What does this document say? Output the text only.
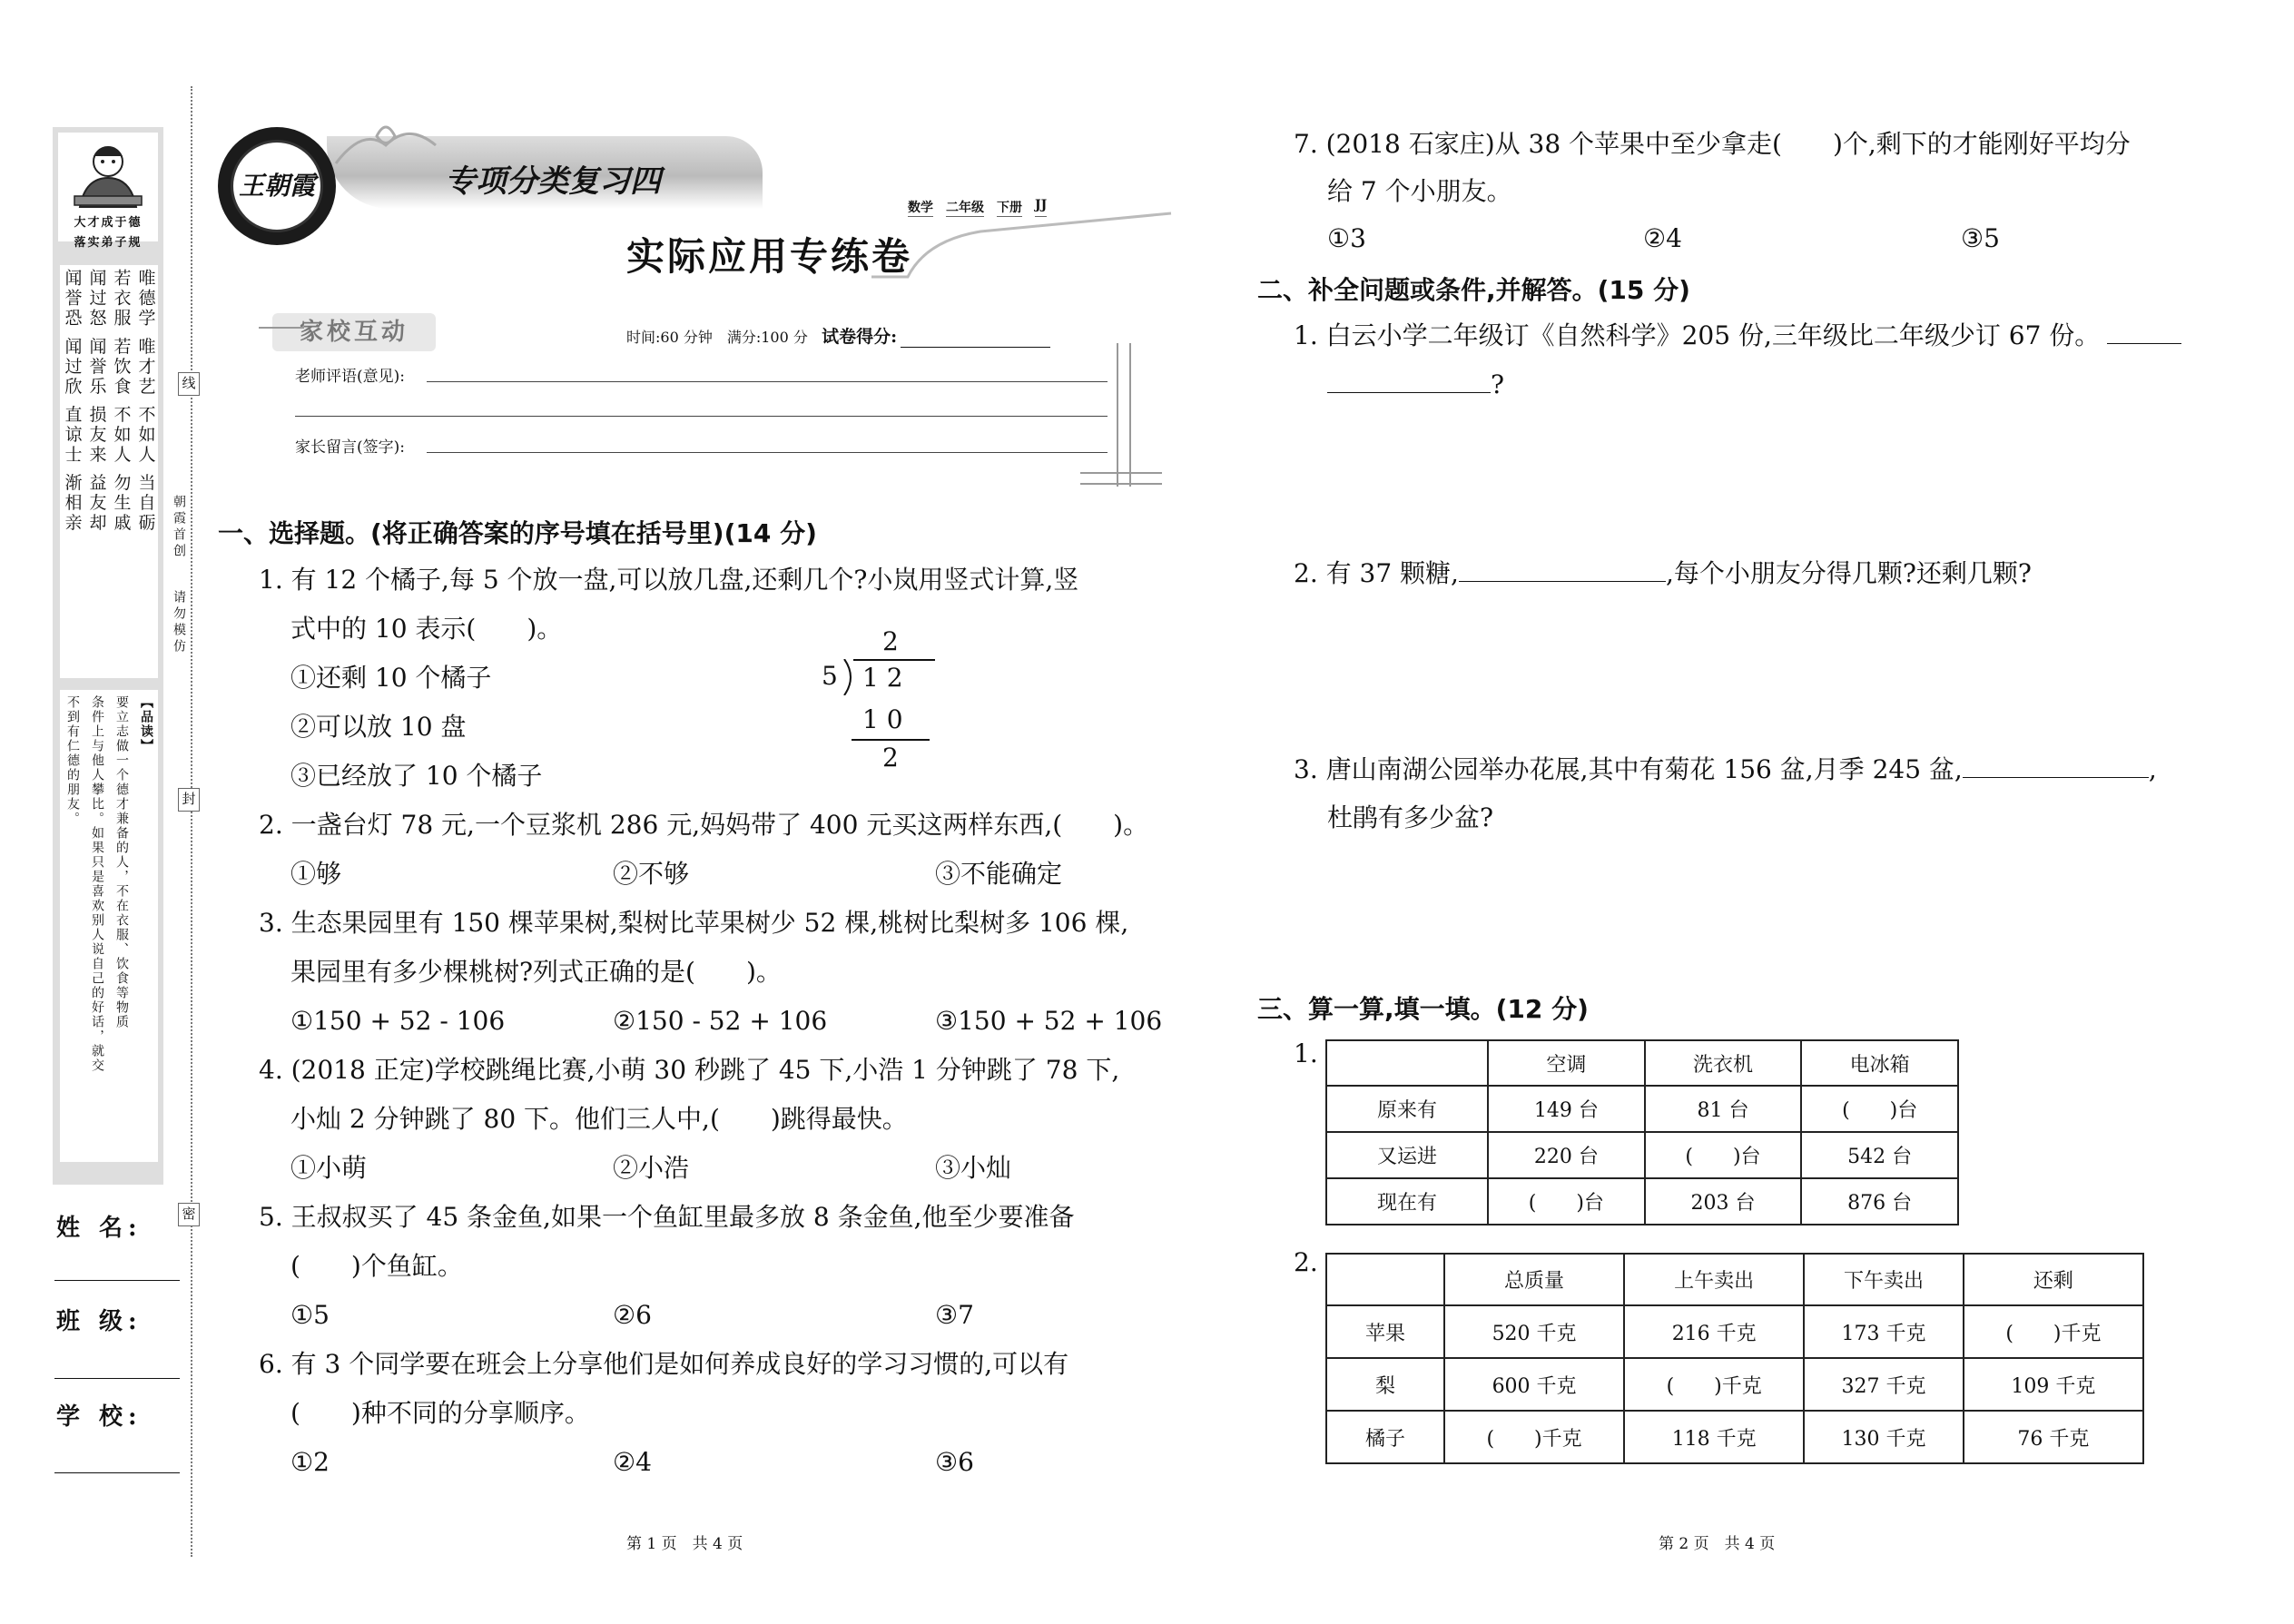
大才成于德
落实弟子规
唯德学 唯才艺 不如人 当自砺
若衣服 若饮食 不如人 勿生戚
闻过怒 闻誉乐 损友来 益友却
闻誉恐 闻过欣 直谅士 渐相亲
【品读】
要立志做一个德才兼备的人，不在衣服、饮食等物质
条件上与他人攀比。如果只是喜欢别人说自己的好话，就交
不到有仁德的朋友。
姓 名:
班 级:
学 校:
线
封
密
朝霞首创
请勿模仿
王朝霞	专项分类复习四
数学 二年级 下册 JJ
实际应用专练卷
家校互动	时间:60 分钟　满分:100 分 试卷得分:
老师评语(意见):
家长留言(签字):
一、选择题。(将正确答案的序号填在括号里)(14 分)
1. 有 12 个橘子,每 5 个放一盘,可以放几盘,还剩几个?小岚用竖式计算,竖
式中的 10 表示(　　)。
①还剩 10 个橘子
②可以放 10 盘
③已经放了 10 个橘子
2
5 1 2
1 0
2
2. 一盏台灯 78 元,一个豆浆机 286 元,妈妈带了 400 元买这两样东西,(　　)。
①够	②不够	③不能确定
3. 生态果园里有 150 棵苹果树,梨树比苹果树少 52 棵,桃树比梨树多 106 棵,
果园里有多少棵桃树?列式正确的是(　　)。
①150 + 52 - 106	②150 - 52 + 106	③150 + 52 + 106
4. (2018 正定)学校跳绳比赛,小萌 30 秒跳了 45 下,小浩 1 分钟跳了 78 下,
小灿 2 分钟跳了 80 下。他们三人中,(　　)跳得最快。
①小萌	②小浩	③小灿
5. 王叔叔买了 45 条金鱼,如果一个鱼缸里最多放 8 条金鱼,他至少要准备
(　　)个鱼缸。
①5	②6	③7
6. 有 3 个同学要在班会上分享他们是如何养成良好的学习习惯的,可以有
(　　)种不同的分享顺序。
①2	②4	③6
第 1 页　共 4 页
7. (2018 石家庄)从 38 个苹果中至少拿走(　　)个,剩下的才能刚好平均分
给 7 个小朋友。
①3	②4	③5
二、补全问题或条件,并解答。(15 分)
1. 白云小学二年级订《自然科学》205 份,三年级比二年级少订 67 份。
?
2. 有 37 颗糖,	,每个小朋友分得几颗?还剩几颗?
3. 唐山南湖公园举办花展,其中有菊花 156 盆,月季 245 盆,	,
杜鹃有多少盆?
三、算一算,填一填。(12 分)
1.
		空调	洗衣机	电冰箱
原来有	149 台	81 台	(　　)台
又运进	220 台	(　　)台	542 台
现在有	(　　)台	203 台	876 台
2.
	总质量	上午卖出	下午卖出	还剩
苹果	520 千克	216 千克	173 千克	(　　)千克
梨	600 千克	(　　)千克	327 千克	109 千克
橘子	(　　)千克	118 千克	130 千克	76 千克
第 2 页　共 4 页
